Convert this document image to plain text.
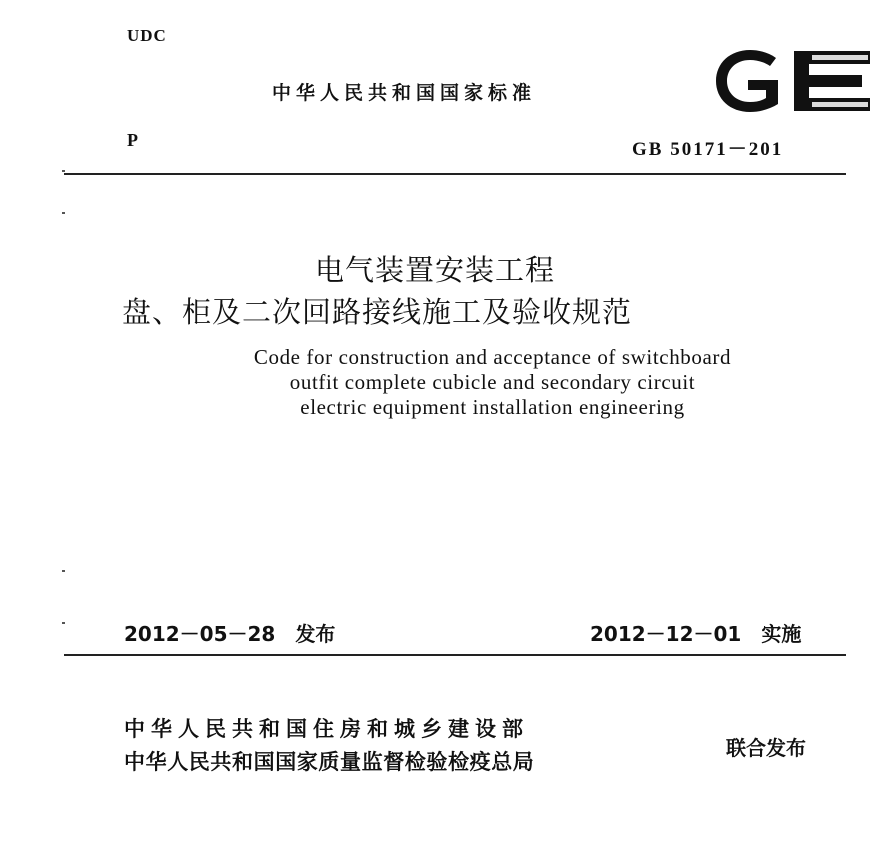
UDC
中华人民共和国国家标准
P	GB 50171－201
电气装置安装工程
盘、柜及二次回路接线施工及验收规范
Code for construction and acceptance of switchboard
outfit complete cubicle and secondary circuit
electric equipment installation engineering
2012－05－28　发布	2012－12－01　实施
中华人民共和国住房和城乡建设部
中华人民共和国国家质量监督检验检疫总局
联合发布
